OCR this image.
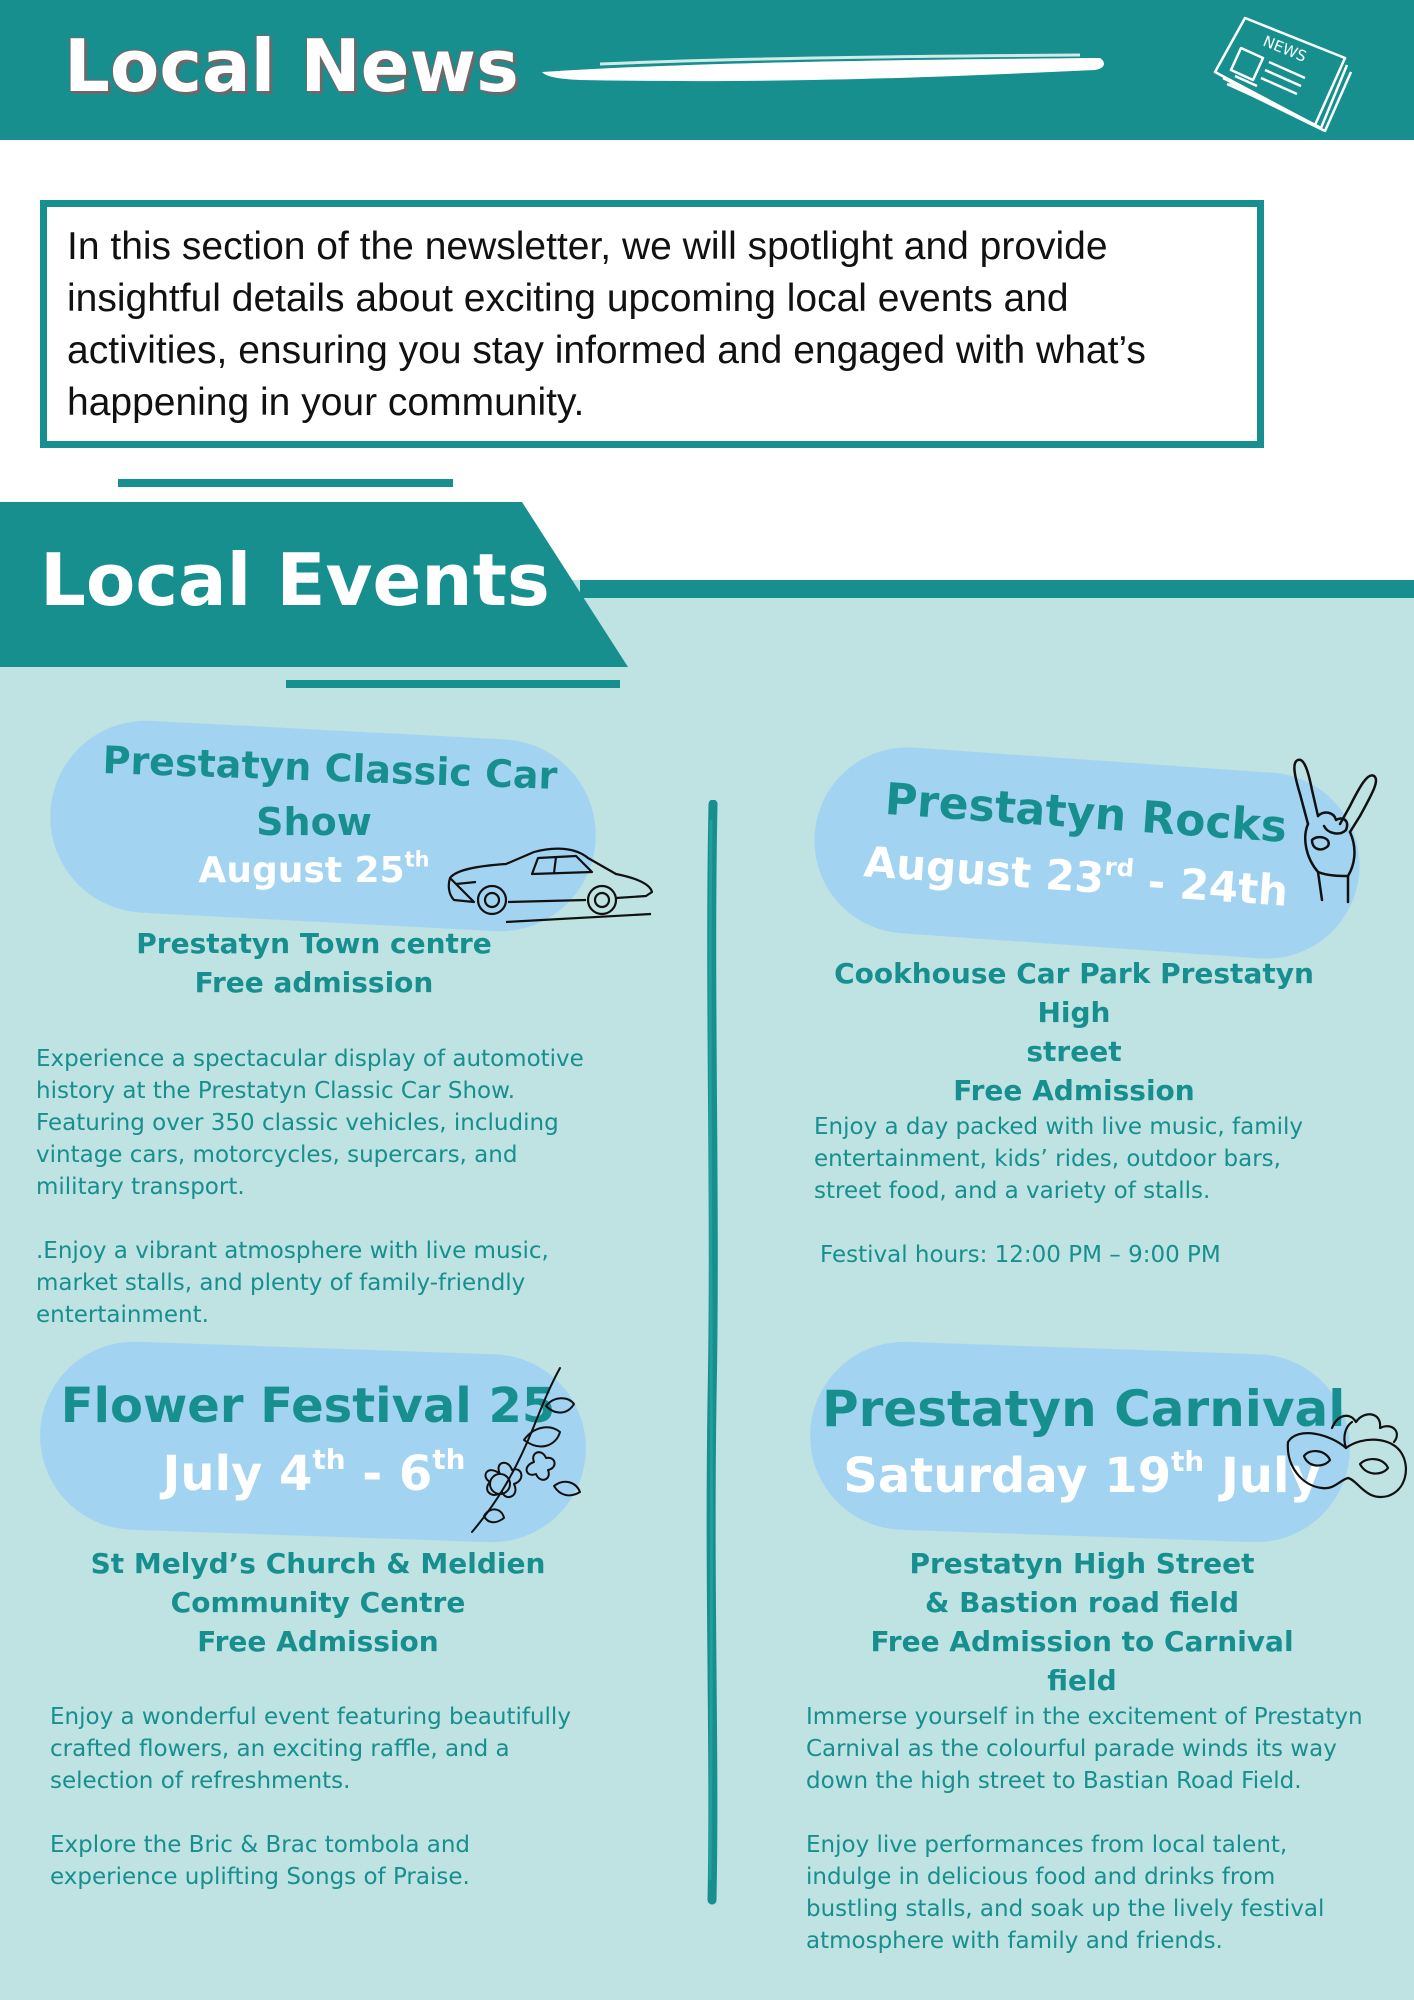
Local News	NEWS

In this section of the newsletter, we will spotlight and provide
insightful details about exciting upcoming local events and
activities, ensuring you stay informed and engaged with what’s
happening in your community.

Local Events
Prestatyn Classic Car
Show
August 25th
Prestatyn Town centre
Free admission

Experience a spectacular display of automotive history at the Prestatyn Classic Car Show. Featuring over 350 classic vehicles, including vintage cars, motorcycles, supercars, and military transport.

.Enjoy a vibrant atmosphere with live music, market stalls, and plenty of family-friendly entertainment.

Prestatyn Rocks
August 23rd - 24th
Cookhouse Car Park Prestatyn High
street
Free Admission

Enjoy a day packed with live music, family entertainment, kids’ rides, outdoor bars, street food, and a variety of stalls.

Festival hours: 12:00 PM – 9:00 PM

Flower Festival 25
July 4th - 6th
St Melyd’s Church & Meldien
Community Centre
Free Admission

Enjoy a wonderful event featuring beautifully crafted flowers, an exciting raffle, and a selection of refreshments.

Explore the Bric & Brac tombola and experience uplifting Songs of Praise.

Prestatyn Carnival
Saturday 19th July
Prestatyn High Street
& Bastion road field
Free Admission to Carnival field

Immerse yourself in the excitement of Prestatyn Carnival as the colourful parade winds its way down the high street to Bastian Road Field.

Enjoy live performances from local talent, indulge in delicious food and drinks from bustling stalls, and soak up the lively festival atmosphere with family and friends.
